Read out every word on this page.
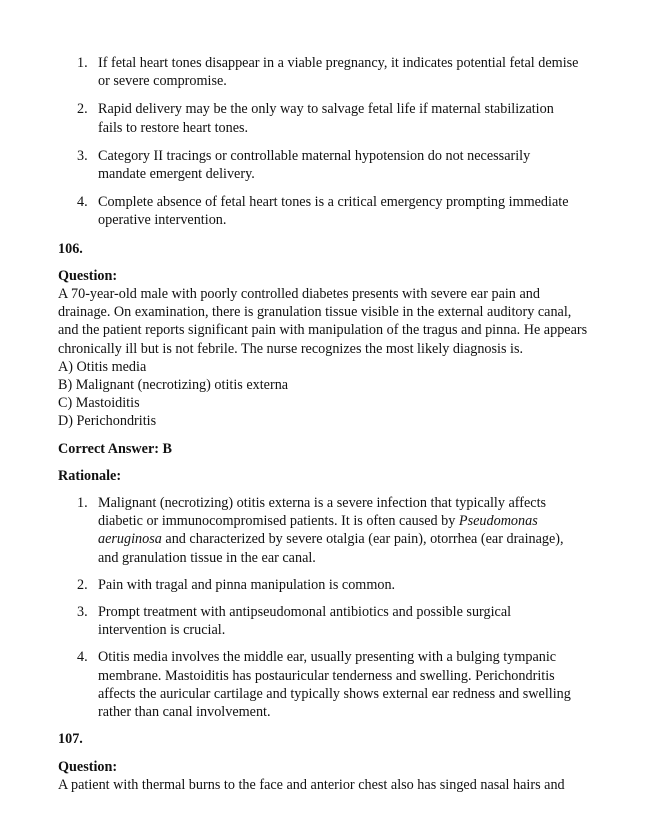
1. If fetal heart tones disappear in a viable pregnancy, it indicates potential fetal demise or severe compromise.
2. Rapid delivery may be the only way to salvage fetal life if maternal stabilization fails to restore heart tones.
3. Category II tracings or controllable maternal hypotension do not necessarily mandate emergent delivery.
4. Complete absence of fetal heart tones is a critical emergency prompting immediate operative intervention.
106.
Question:
A 70-year-old male with poorly controlled diabetes presents with severe ear pain and drainage. On examination, there is granulation tissue visible in the external auditory canal, and the patient reports significant pain with manipulation of the tragus and pinna. He appears chronically ill but is not febrile. The nurse recognizes the most likely diagnosis is.
A) Otitis media
B) Malignant (necrotizing) otitis externa
C) Mastoiditis
D) Perichondritis
Correct Answer: B
Rationale:
1. Malignant (necrotizing) otitis externa is a severe infection that typically affects diabetic or immunocompromised patients. It is often caused by Pseudomonas aeruginosa and characterized by severe otalgia (ear pain), otorrhea (ear drainage), and granulation tissue in the ear canal.
2. Pain with tragal and pinna manipulation is common.
3. Prompt treatment with antipseudomonal antibiotics and possible surgical intervention is crucial.
4. Otitis media involves the middle ear, usually presenting with a bulging tympanic membrane. Mastoiditis has postauricular tenderness and swelling. Perichondritis affects the auricular cartilage and typically shows external ear redness and swelling rather than canal involvement.
107.
Question:
A patient with thermal burns to the face and anterior chest also has singed nasal hairs and
